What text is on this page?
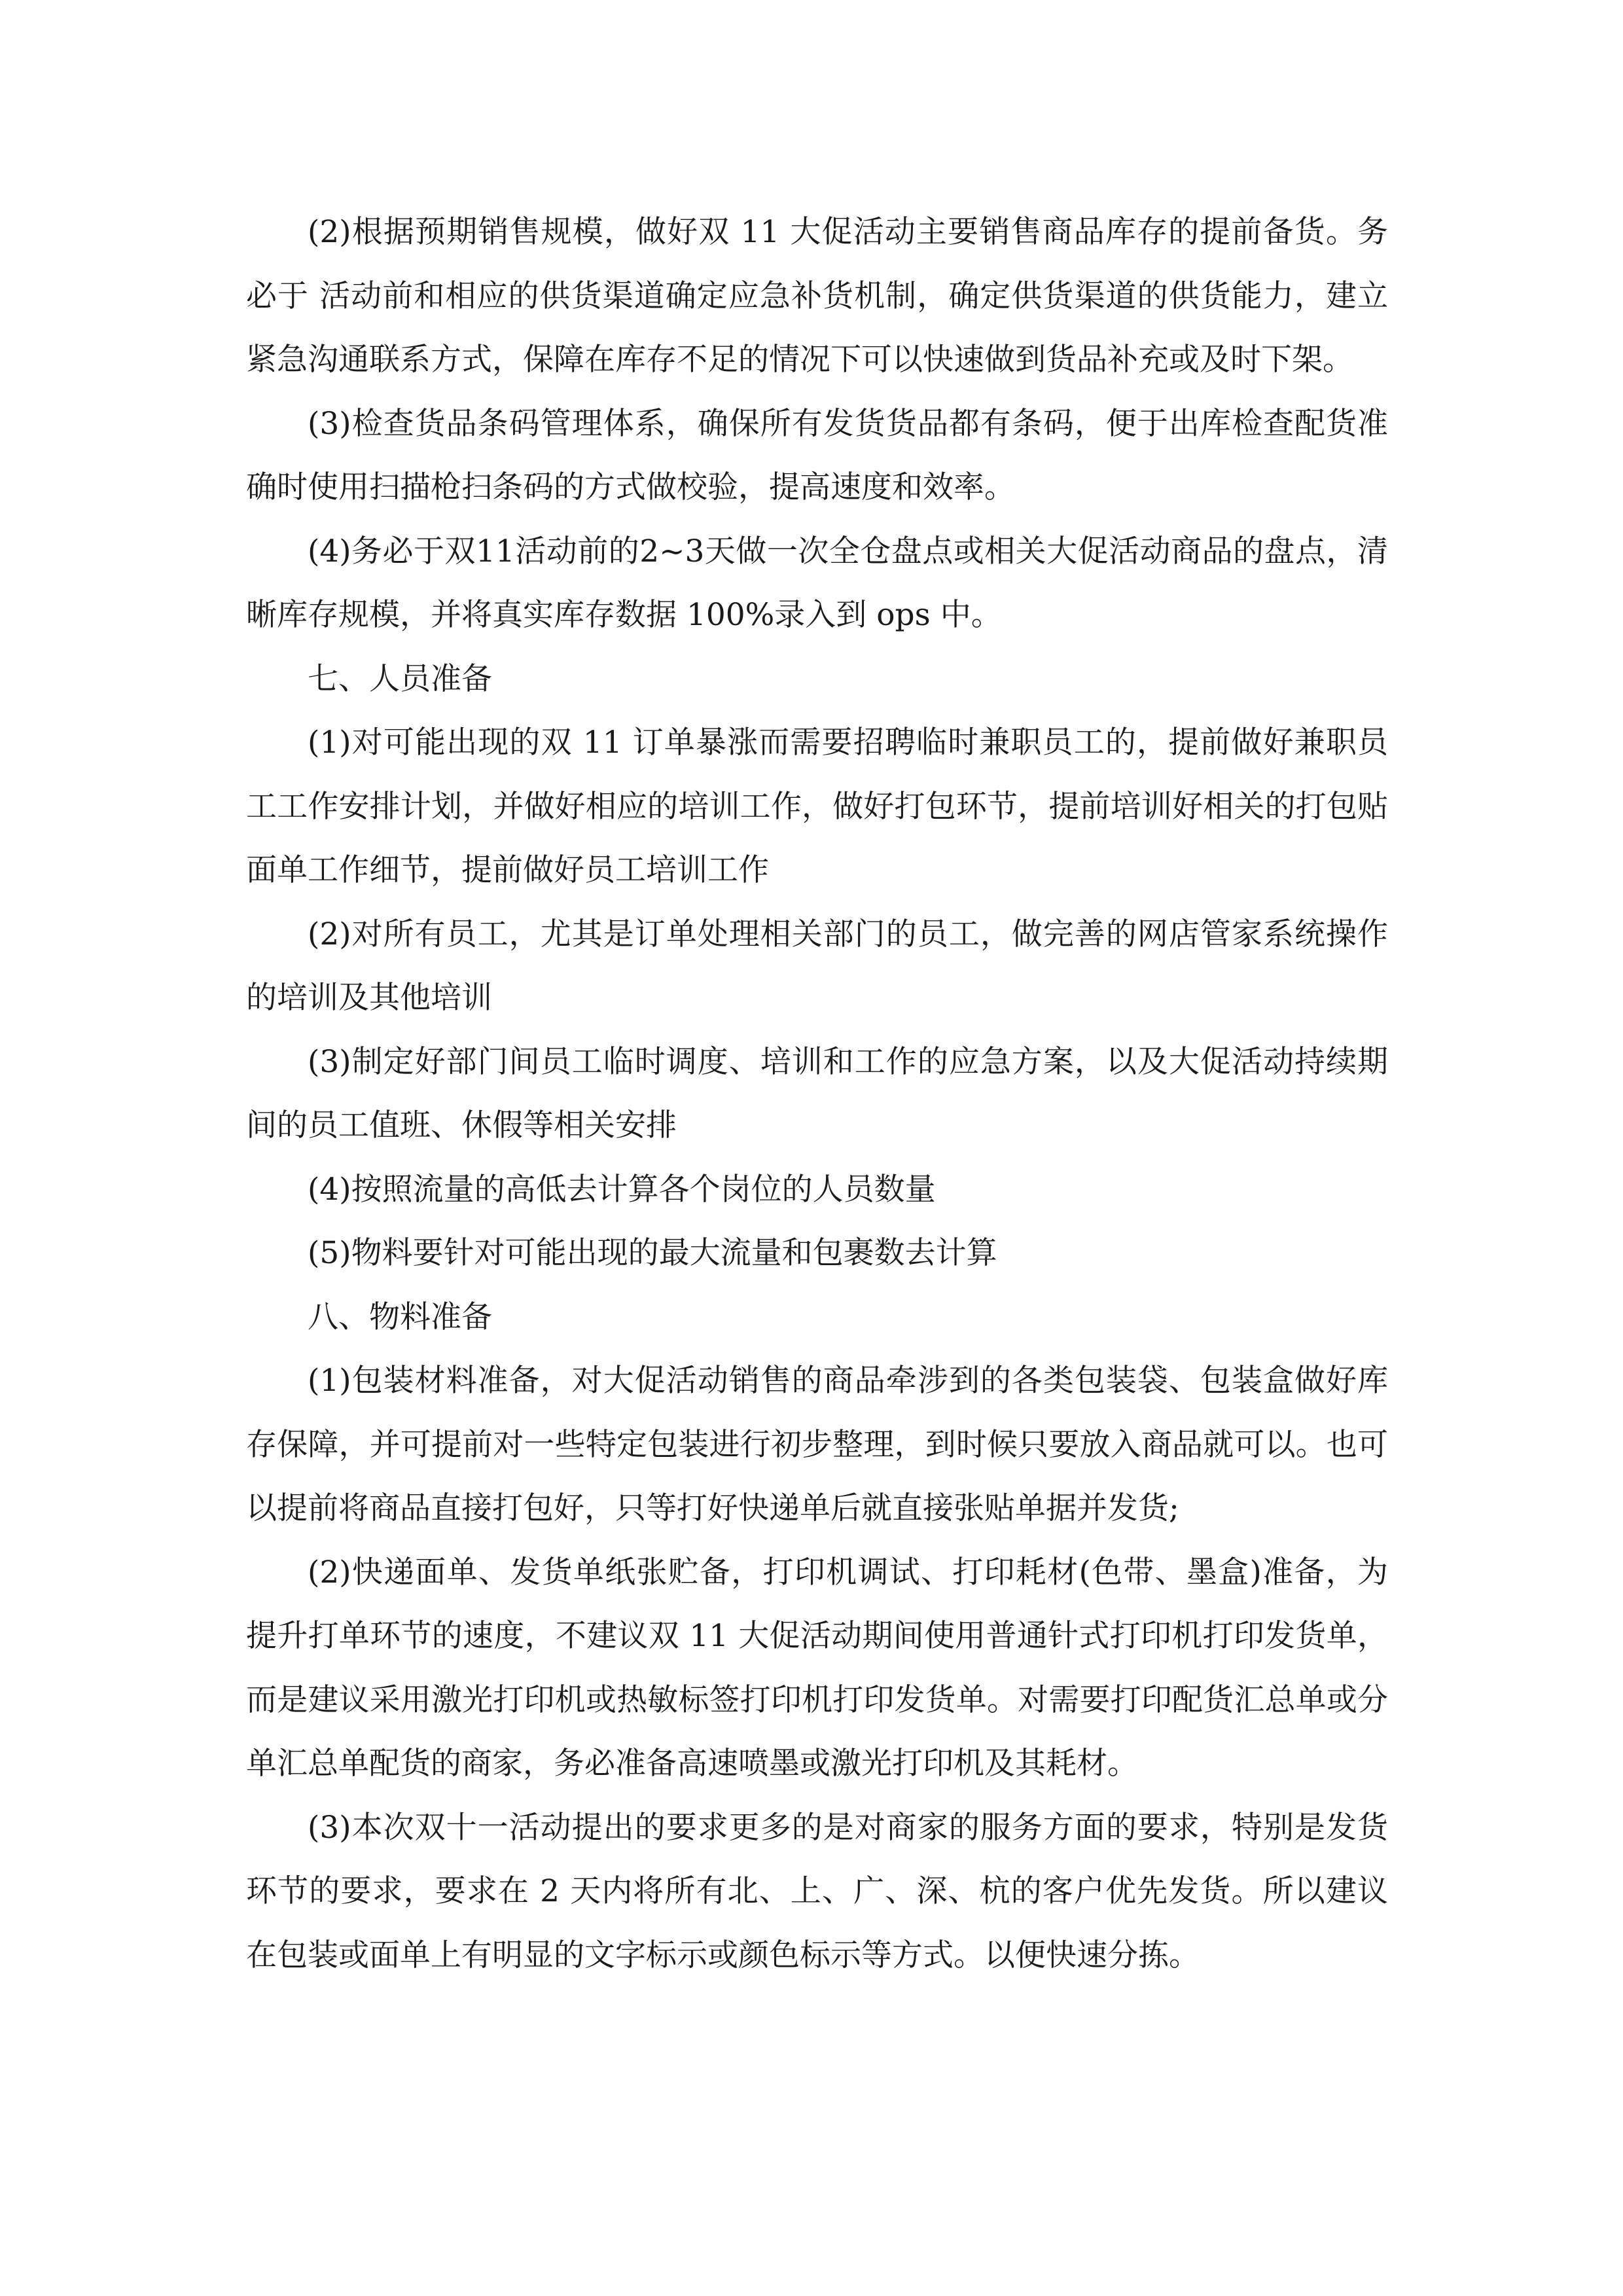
(2)根据预期销售规模，做好双 11 大促活动主要销售商品库存的提前备货。务必于 活动前和相应的供货渠道确定应急补货机制，确定供货渠道的供货能力，建立紧急沟通联系方式，保障在库存不足的情况下可以快速做到货品补充或及时下架。

(3)检查货品条码管理体系，确保所有发货货品都有条码，便于出库检查配货准确时使用扫描枪扫条码的方式做校验，提高速度和效率。

(4)务必于双11活动前的2~3天做一次全仓盘点或相关大促活动商品的盘点，清晰库存规模，并将真实库存数据 100%录入到 ops 中。

七、人员准备

(1)对可能出现的双 11 订单暴涨而需要招聘临时兼职员工的，提前做好兼职员工工作安排计划，并做好相应的培训工作，做好打包环节，提前培训好相关的打包贴面单工作细节，提前做好员工培训工作

(2)对所有员工，尤其是订单处理相关部门的员工，做完善的网店管家系统操作的培训及其他培训

(3)制定好部门间员工临时调度、培训和工作的应急方案，以及大促活动持续期间的员工值班、休假等相关安排

(4)按照流量的高低去计算各个岗位的人员数量

(5)物料要针对可能出现的最大流量和包裹数去计算

八、物料准备

(1)包装材料准备，对大促活动销售的商品牵涉到的各类包装袋、包装盒做好库存保障，并可提前对一些特定包装进行初步整理，到时候只要放入商品就可以。也可以提前将商品直接打包好，只等打好快递单后就直接张贴单据并发货;

(2)快递面单、发货单纸张贮备，打印机调试、打印耗材(色带、墨盒)准备，为提升打单环节的速度，不建议双 11 大促活动期间使用普通针式打印机打印发货单，而是建议采用激光打印机或热敏标签打印机打印发货单。对需要打印配货汇总单或分单汇总单配货的商家，务必准备高速喷墨或激光打印机及其耗材。

(3)本次双十一活动提出的要求更多的是对商家的服务方面的要求，特别是发货环节的要求，要求在 2 天内将所有北、上、广、深、杭的客户优先发货。所以建议在包装或面单上有明显的文字标示或颜色标示等方式。以便快速分拣。
